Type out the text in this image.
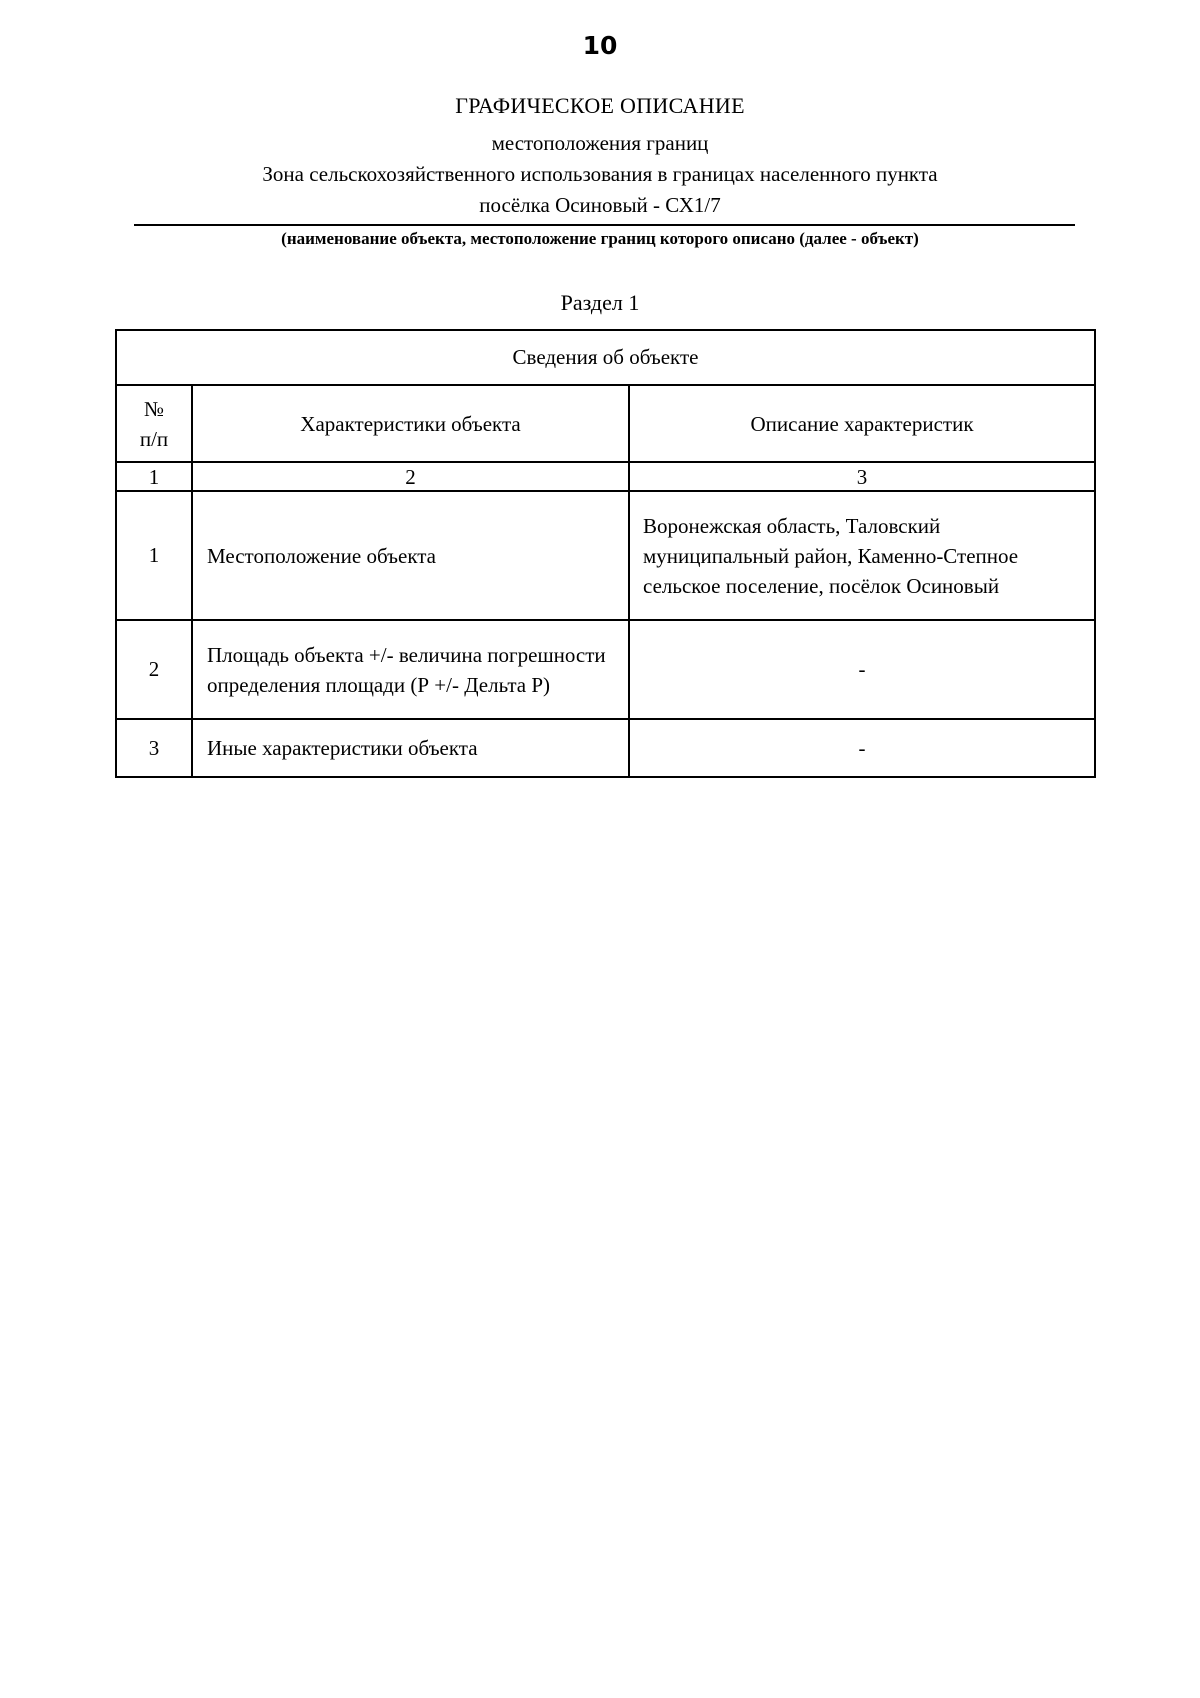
10
ГРАФИЧЕСКОЕ ОПИСАНИЕ
местоположения границ
Зона сельскохозяйственного использования в границах населенного пункта
посёлка Осиновый - СХ1/7
(наименование объекта, местоположение границ которого описано (далее - объект)
Раздел 1
Сведения об объекте		
№ п/п	Характеристики объекта	Описание характеристик
1	2	3
1	Местоположение объекта	Воронежская область, Таловский муниципальный район, Каменно-Степное сельское поселение, посёлок Осиновый
2	Площадь объекта +/- величина погрешности определения площади (Р +/- Дельта Р)	-
3	Иные характеристики объекта	-
